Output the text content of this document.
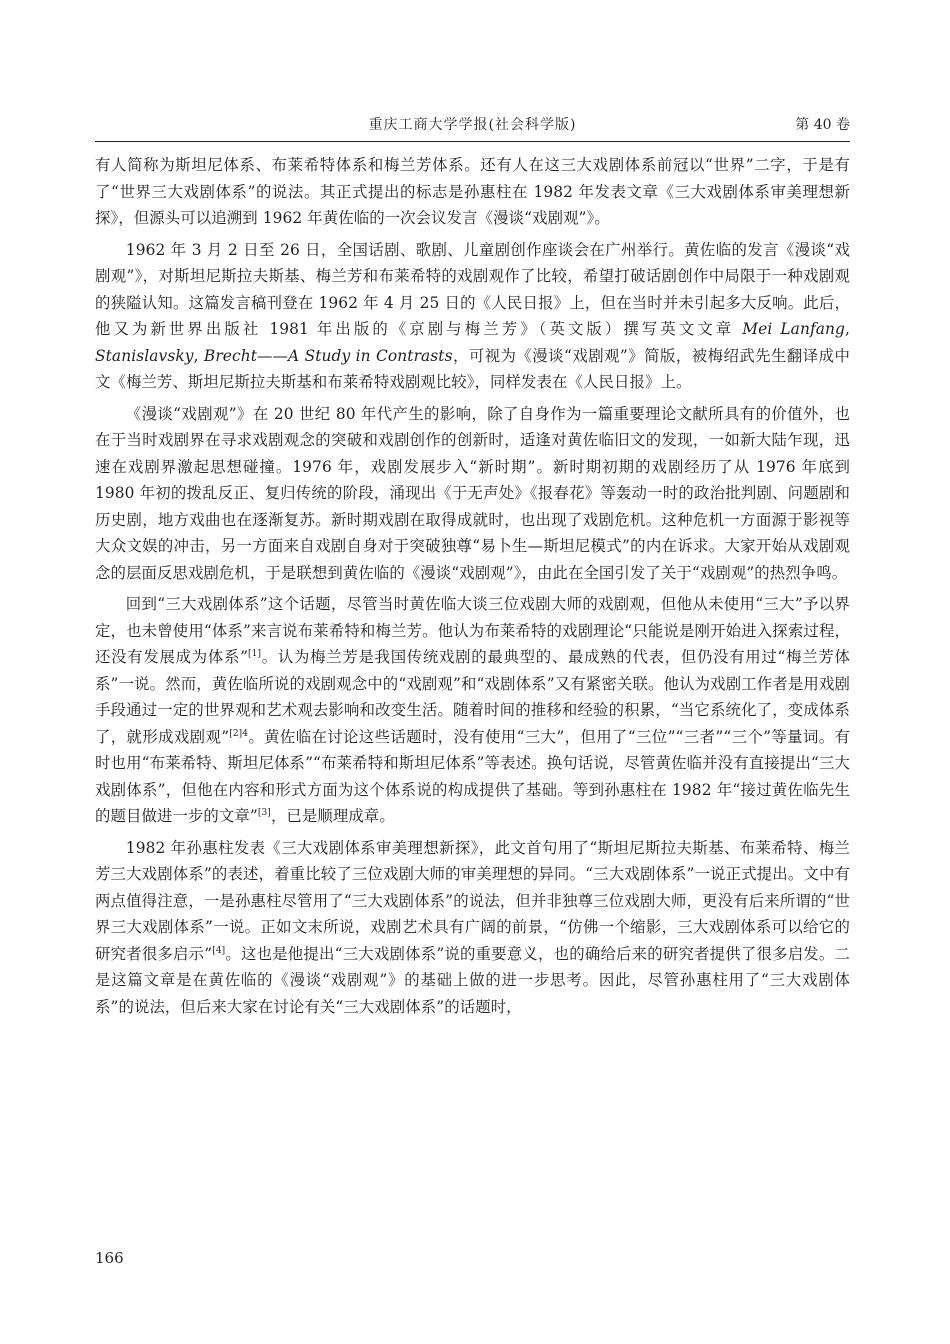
重庆工商大学学报(社会科学版)	第 40 卷

有人简称为斯坦尼体系、布莱希特体系和梅兰芳体系。还有人在这三大戏剧体系前冠以“世界”二字，于是有了“世界三大戏剧体系”的说法。其正式提出的标志是孙惠柱在 1982 年发表文章《三大戏剧体系审美理想新探》，但源头可以追溯到 1962 年黄佐临的一次会议发言《漫谈“戏剧观”》。

1962 年 3 月 2 日至 26 日，全国话剧、歌剧、儿童剧创作座谈会在广州举行。黄佐临的发言《漫谈“戏剧观”》，对斯坦尼斯拉夫斯基、梅兰芳和布莱希特的戏剧观作了比较，希望打破话剧创作中局限于一种戏剧观的狭隘认知。这篇发言稿刊登在 1962 年 4 月 25 日的《人民日报》上，但在当时并未引起多大反响。此后，他又为新世界出版社 1981 年出版的《京剧与梅兰芳》（英文版）撰写英文文章 Mei Lanfang, Stanislavsky, Brecht——A Study in Contrasts，可视为《漫谈“戏剧观”》简版，被梅绍武先生翻译成中文《梅兰芳、斯坦尼斯拉夫斯基和布莱希特戏剧观比较》，同样发表在《人民日报》上。

《漫谈“戏剧观”》在 20 世纪 80 年代产生的影响，除了自身作为一篇重要理论文献所具有的价值外，也在于当时戏剧界在寻求戏剧观念的突破和戏剧创作的创新时，适逢对黄佐临旧文的发现，一如新大陆乍现，迅速在戏剧界激起思想碰撞。1976 年，戏剧发展步入“新时期”。新时期初期的戏剧经历了从 1976 年底到 1980 年初的拨乱反正、复归传统的阶段，涌现出《于无声处》《报春花》等轰动一时的政治批判剧、问题剧和历史剧，地方戏曲也在逐渐复苏。新时期戏剧在取得成就时，也出现了戏剧危机。这种危机一方面源于影视等大众文娱的冲击，另一方面来自戏剧自身对于突破独尊“易卜生—斯坦尼模式”的内在诉求。大家开始从戏剧观念的层面反思戏剧危机，于是联想到黄佐临的《漫谈“戏剧观”》，由此在全国引发了关于“戏剧观”的热烈争鸣。

回到“三大戏剧体系”这个话题，尽管当时黄佐临大谈三位戏剧大师的戏剧观，但他从未使用“三大”予以界定，也未曾使用“体系”来言说布莱希特和梅兰芳。他认为布莱希特的戏剧理论“只能说是刚开始进入探索过程，还没有发展成为体系”[1]。认为梅兰芳是我国传统戏剧的最典型的、最成熟的代表，但仍没有用过“梅兰芳体系”一说。然而，黄佐临所说的戏剧观念中的“戏剧观”和“戏剧体系”又有紧密关联。他认为戏剧工作者是用戏剧手段通过一定的世界观和艺术观去影响和改变生活。随着时间的推移和经验的积累，“当它系统化了，变成体系了，就形成戏剧观”$^{[2]4}$。黄佐临在讨论这些话题时，没有使用“三大”，但用了“三位”“三者”“三个”等量词。有时也用“布莱希特、斯坦尼体系”“布莱希特和斯坦尼体系”等表述。换句话说，尽管黄佐临并没有直接提出“三大戏剧体系”，但他在内容和形式方面为这个体系说的构成提供了基础。等到孙惠柱在 1982 年“接过黄佐临先生的题目做进一步的文章”[3]，已是顺理成章。

1982 年孙惠柱发表《三大戏剧体系审美理想新探》，此文首句用了“斯坦尼斯拉夫斯基、布莱希特、梅兰芳三大戏剧体系”的表述，着重比较了三位戏剧大师的审美理想的异同。“三大戏剧体系”一说正式提出。文中有两点值得注意，一是孙惠柱尽管用了“三大戏剧体系”的说法，但并非独尊三位戏剧大师，更没有后来所谓的“世界三大戏剧体系”一说。正如文末所说，戏剧艺术具有广阔的前景，“仿佛一个缩影，三大戏剧体系可以给它的研究者很多启示”[4]。这也是他提出“三大戏剧体系”说的重要意义，也的确给后来的研究者提供了很多启发。二是这篇文章是在黄佐临的《漫谈“戏剧观”》的基础上做的进一步思考。因此，尽管孙惠柱用了“三大戏剧体系”的说法，但后来大家在讨论有关“三大戏剧体系”的话题时，

166
